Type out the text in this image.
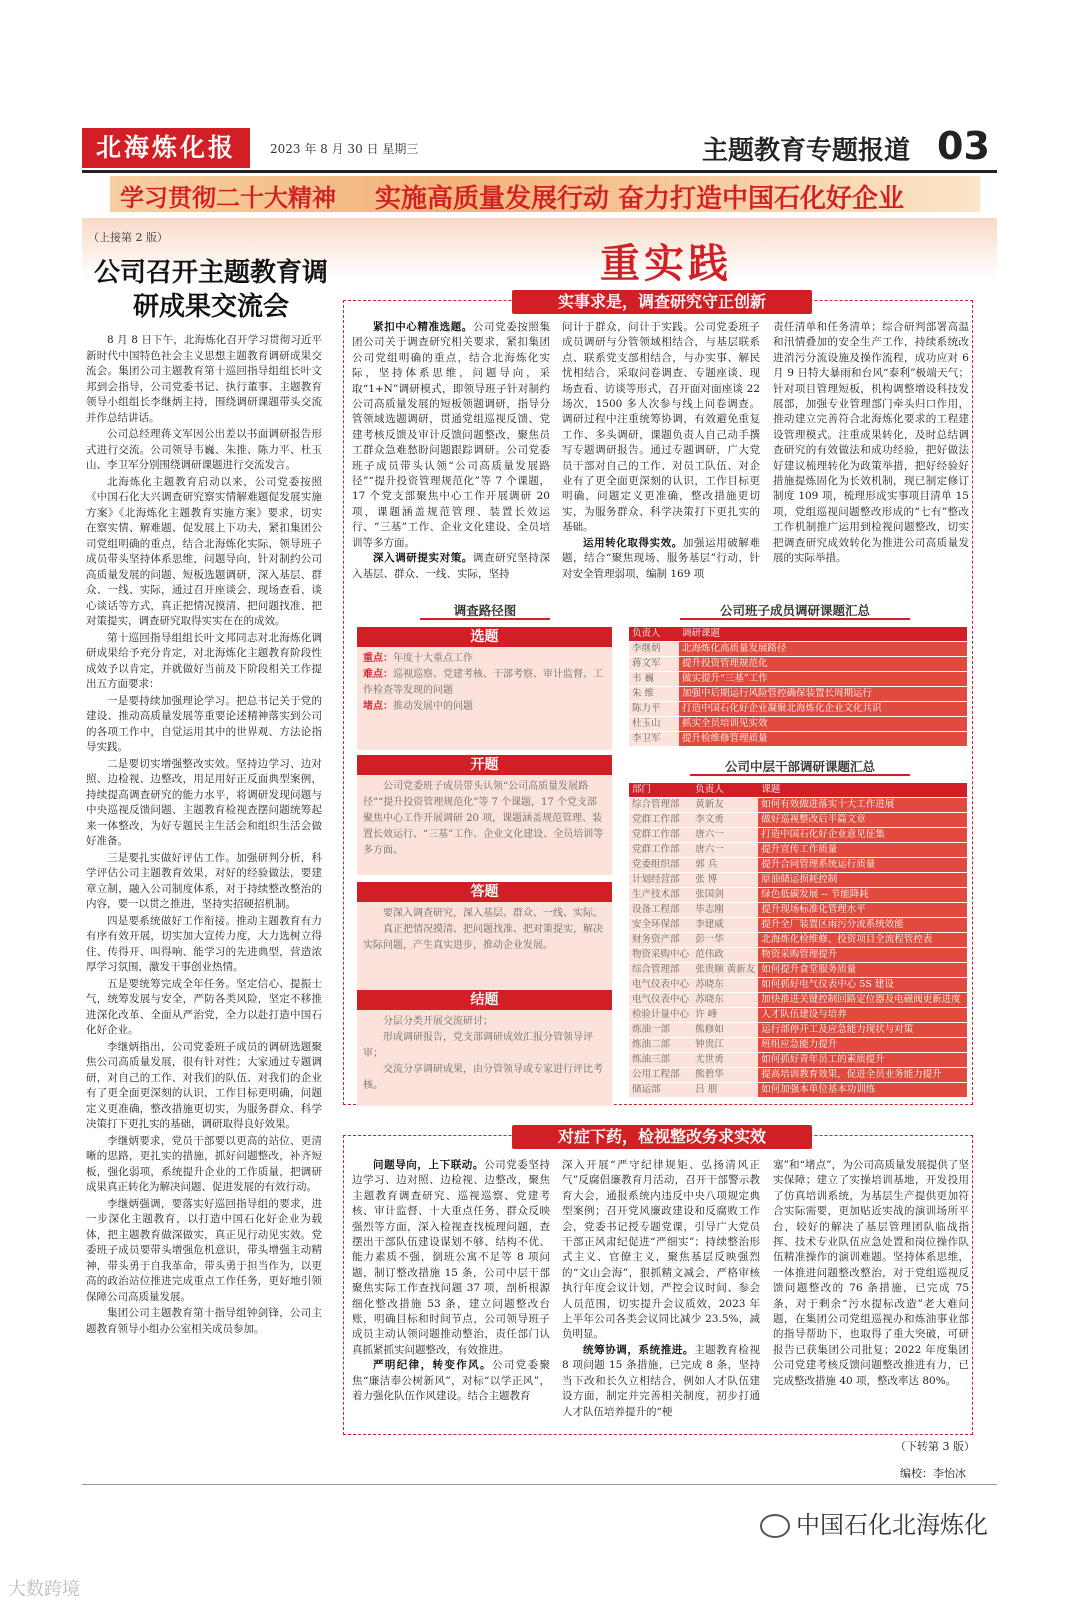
北海炼化报	2023 年 8 月 30 日 星期三	主题教育专题报道 03
学习贯彻二十大精神 实施高质量发展行动 奋力打造中国石化好企业
（上接第 2 版）
重实践
公司召开主题教育调研成果交流会

8 月 8 日下午，北海炼化召开学习贯彻习近平新时代中国特色社会主义思想主题教育调研成果交流会。集团公司主题教育第十巡回指导组组长叶文邦到会指导，公司党委书记、执行董事、主题教育领导小组组长李继炳主持，围绕调研课题带头交流并作总结讲话。

公司总经理蒋文军因公出差以书面调研报告形式进行交流。公司领导韦巍、朱推、陈力平、杜玉山、李卫军分别围绕调研课题进行交流发言。

北海炼化主题教育启动以来，公司党委按照《中国石化大兴调查研究察实情解难题促发展实施方案》《北海炼化主题教育实施方案》要求，切实在察实情、解难题、促发展上下功夫，紧扣集团公司党组明确的重点，结合北海炼化实际，领导班子成员带头坚持体系思维，问题导向，针对制约公司高质量发展的问题、短板选题调研，深入基层、群众、一线、实际，通过召开座谈会、现场查看、谈心谈话等方式，真正把情况摸清、把问题找准、把对策提实，调查研究取得实实在在的成效。

第十巡回指导组组长叶文邦同志对北海炼化调研成果给予充分肯定，对北海炼化主题教育阶段性成效予以肯定，并就做好当前及下阶段相关工作提出五方面要求：

一是要持续加强理论学习。把总书记关于党的建设、推动高质量发展等重要论述精神落实到公司的各项工作中，自觉运用其中的世界观、方法论指导实践。

二是要切实增强整改实效。坚持边学习、边对照、边检视、边整改，用足用好正反面典型案例，持续提高调查研究的能力水平，将调研发现问题与中央巡视反馈问题、主题教育检视查摆问题统筹起来一体整改，为好专题民主生活会和组织生活会做好准备。

三是要扎实做好评估工作。加强研判分析，科学评估公司主题教育效果，对好的经验做法，要建章立制，融入公司制度体系，对于持续整改整治的内容，要一以贯之推进，坚持实招硬招机制。

四是要系统做好工作衔接。推动主题教育有力有序有效开展，切实加大宣传力度，大力选树立得住、传得开、叫得响、能学习的先进典型，营造浓厚学习氛围，激发干事创业热情。

五是要统筹完成全年任务。坚定信心、提振士气，统筹发展与安全，严防各类风险，坚定不移推进深化改革、全面从严治党，全力以赴打造中国石化好企业。

李继炳指出，公司党委班子成员的调研选题聚焦公司高质量发展，很有针对性；大家通过专题调研，对自己的工作、对我们的队伍、对我们的企业有了更全面更深刻的认识，工作目标更明确，问题定义更准确，整改措施更切实，为服务群众、科学决策打下更扎实的基础，调研取得良好效果。

李继炳要求，党员干部要以更高的站位、更清晰的思路，更扎实的措施，抓好问题整改，补齐短板，强化弱项，系统提升企业的工作质量，把调研成果真正转化为解决问题、促进发展的有效行动。

李继炳强调，要落实好巡回指导组的要求，进一步深化主题教育，以打造中国石化好企业为载体，把主题教育做深做实，真正见行动见实效。党委班子成员要带头增强危机意识，带头增强主动精神，带头勇于自我革命，带头勇于担当作为，以更高的政治站位推进完成重点工作任务，更好地引领保障公司高质量发展。

集团公司主题教育第十指导组钟剑锋，公司主题教育领导小组办公室相关成员参加。

实事求是，调查研究守正创新

紧扣中心精准选题。公司党委按照集团公司关于调查研究相关要求，紧扣集团公司党组明确的重点，结合北海炼化实际，坚持体系思维，问题导向，采取“1+N”调研模式，即领导班子针对制约公司高质量发展的短板领题调研，指导分管领域选题调研，贯通党组巡视反馈、党建考核反馈及审计反馈问题整改，聚焦员工群众急难愁盼问题跟踪调研。公司党委班子成员带头认领“公司高质量发展路径”“提升投资管理规范化”等 7 个课题，17 个党支部聚焦中心工作开展调研 20 项，课题涵盖规范管理、装置长效运行、“三基”工作、企业文化建设、全员培训等多方面。

深入调研提实对策。调查研究坚持深入基层、群众、一线、实际，坚持

问计于群众，问计于实践。公司党委班子成员调研与分管领域相结合，与基层联系点、联系党支部相结合，与办实事、解民忧相结合，采取问卷调查、专题座谈、现场查看、访谈等形式，召开面对面座谈 22 场次，1500 多人次参与线上问卷调查。调研过程中注重统筹协调，有效避免重复工作、多头调研，课题负责人自己动手撰写专题调研报告。通过专题调研，广大党员干部对自己的工作、对员工队伍、对企业有了更全面更深刻的认识，工作目标更明确，问题定义更准确，整改措施更切实，为服务群众、科学决策打下更扎实的基础。

运用转化取得实效。加强运用破解难题，结合“聚焦现场、服务基层”行动，针对安全管理弱项，编制 169 项

责任清单和任务清单；综合研判部署高温和汛情叠加的安全生产工作，持续系统改进消污分流设施及操作流程，成功应对 6 月 9 日特大暴雨和台风“泰利”极端天气；针对项目管理短板，机构调整增设科技发展部，加强专业管理部门牵头归口作用，推动建立完善符合北海炼化要求的工程建设管理模式。注重成果转化，及时总结调查研究的有效做法和成功经验，把好做法好建议梳理转化为政策举措，把好经验好措施提炼固化为长效机制，现已制定修订制度 109 项，梳理形成实事项目清单 15 项，党组巡视问题整改形成的“七有”整改工作机制推广运用到检视问题整改，切实把调查研究成效转化为推进公司高质量发展的实际举措。

调查路径图
选题
重点：年度十大重点工作
难点：巡视巡察、党建考核、干部考察、审计监督、工作检查等发现的问题
堵点：推动发展中的问题
开题
公司党委班子成员带头认领“公司高质量发展路径”“提升投资管理规范化”等 7 个课题，17 个党支部聚焦中心工作开展调研 20 项，课题涵盖规范管理、装置长效运行、“三基”工作、企业文化建设、全员培训等多方面。
答题
要深入调查研究，深入基层、群众、一线、实际。
真正把情况摸清、把问题找准、把对策提实，解决实际问题，产生真实进步，推动企业发展。
结题
分层分类开展交流研讨；
形成调研报告，党支部调研成效汇报分管领导评审；
交流分享调研成果，由分管领导或专家进行评比考核。
公司班子成员调研课题汇总
负责人	调研课题
李继炳	北海炼化高质量发展路径
蒋文军	提升投资管理规范化
韦 巍	做实提升“三基”工作
朱 维	加强中后期运行风险管控确保装置长周期运行
陈力平	打造中国石化好企业凝聚北海炼化企业文化共识
杜玉山	抓实全员培训见实效
李卫军	提升检维修管理质量
公司中层干部调研课题汇总
部门	负责人	课题
综合管理部	黄新友	如何有效做进落实十大工作进展
党群工作部	李文勇	做好巡视整改后半篇文章
党群工作部	唐六一	打造中国石化好企业意见征集
党群工作部	唐六一	提升宣传工作质量
党委组织部	郭 兵	提升合同管理系统运行质量
计划经营部	张 博	原油储运损耗控制
生产技术部	张国剑	绿色低碳发展 -- 节能降耗
设备工程部	毕志刚	提升现场标准化管理水平
安全环保部	李建威	提升全厂装置区雨污分流系统效能
财务资产部	彭一华	北海炼化检维修、投资项目全流程管控表
物资采购中心	范伟政	物资采购管理提升
综合管理部	张贵顺 黄新友	如何提升食堂服务质量
电气仪表中心	苏晓东	如何抓好电气仪表中心 5S 建设
电气仪表中心	苏晓东	加快推进关键控制回路定位器及电磁阀更新进度
检验计量中心	许 峰	人才队伍建设与培养
炼油一部	熊修如	运行部停开工及应急能力现状与对策
炼油二部	钟贵江	班组应急能力提升
炼油三部	尤世勇	如何抓好青年员工的素质提升
公用工程部	熊碧华	提高培训教育效果，促进全员业务能力提升
储运部	吕 朋	如何加强本单位基本功训练
对症下药，检视整改务求实效

问题导向，上下联动。公司党委坚持边学习、边对照、边检视、边整改，聚焦主题教育调查研究、巡视巡察、党建考核、审计监督、十大重点任务、群众反映强烈等方面，深入检视查找梳理问题，查摆出干部队伍建设谋划不够、结构不优、能力素质不强，倒班公寓不足等 8 项问题，制订整改措施 15 条，公司中层干部聚焦实际工作查找问题 37 项，剖析根源细化整改措施 53 条，建立问题整改台账，明确目标和时间节点，公司领导班子成员主动认领问题推动整治，责任部门认真抓紧抓实问题整改，有效推进。

严明纪律，转变作风。公司党委聚焦“廉洁奉公树新风”，对标“以学正风”，着力强化队伍作风建设。结合主题教育

深入开展“严守纪律规矩、弘扬清风正气”反腐倡廉教育月活动，召开干部警示教育大会，通报系统内违反中央八项规定典型案例；召开党风廉政建设和反腐败工作会，党委书记授专题党课，引导广大党员干部正风肃纪促进“严细实”；持续整治形式主义、官僚主义，聚焦基层反映强烈的“文山会海”，狠抓精文减会，严格审核执行年度会议计划，严控会议时间、参会人员范围，切实提升会议质效，2023 年上半年公司各类会议同比减少 23.5%，减负明显。

统筹协调，系统推进。主题教育检视 8 项问题 15 条措施，已完成 8 条，坚持当下改和长久立相结合，例如人才队伍建设方面，制定并完善相关制度，初步打通人才队伍培养提升的“梗

塞”和“堵点”，为公司高质量发展提供了坚实保障；建立了实操培训基地，开发投用了仿真培训系统，为基层生产提供更加符合实际需要，更加贴近实战的演训场所平台，较好的解决了基层管理团队临战指挥、技术专业队伍应急处置和岗位操作队伍精准操作的演训难题。坚持体系思维，一体推进问题整改整治，对于党组巡视反馈问题整改的 76 条措施，已完成 75 条，对于剩余“污水提标改造”老大难问题，在集团公司党组巡视办和炼油事业部的指导帮助下，也取得了重大突破，可研报告已获集团公司批复；2022 年度集团公司党建考核反馈问题整改推进有力，已完成整改措施 40 项，整改率达 80%。

（下转第 3 版）
编校：李怡冰
中国石化北海炼化
大数跨境
